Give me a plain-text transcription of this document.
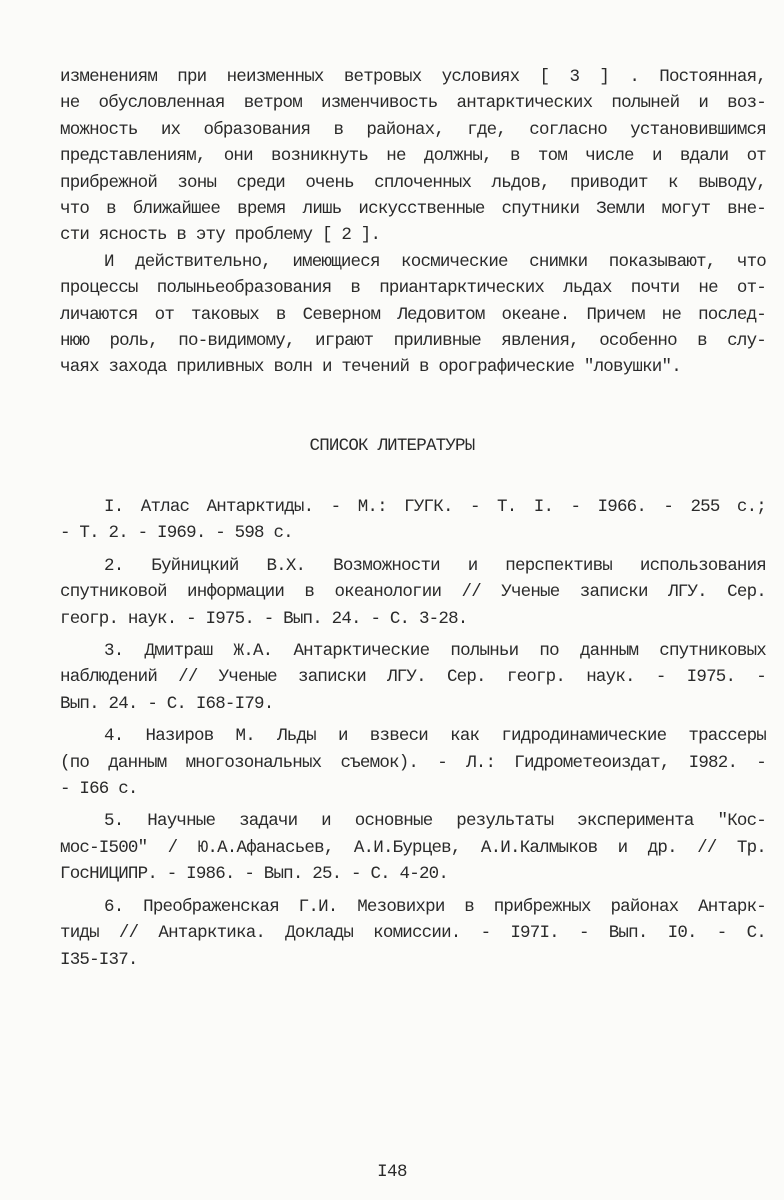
изменениям при неизменных ветровых условиях [ 3 ] . Постоянная,
не обусловленная ветром изменчивость антарктических полыней и воз-
можность их образования в районах, где, согласно установившимся
представлениям, они возникнуть не должны, в том числе и вдали от
прибрежной зоны среди очень сплоченных льдов, приводит к выводу,
что в ближайшее время лишь искусственные спутники Земли могут вне-
сти ясность в эту проблему [ 2 ].
И действительно, имеющиеся космические снимки показывают, что
процессы полыньеобразования в приантарктических льдах почти не от-
личаются от таковых в Северном Ледовитом океане. Причем не послед-
нюю роль, по-видимому, играют приливные явления, особенно в слу-
чаях захода приливных волн и течений в орографические "ловушки".
СПИСОК ЛИТЕРАТУРЫ
I. Атлас Антарктиды. - М.: ГУГК. - Т. I. - I966. - 255 с.;
- Т. 2. - I969. - 598 с.
2. Буйницкий В.Х. Возможности и перспективы использования
спутниковой информации в океанологии // Ученые записки ЛГУ. Сер.
геогр. наук. - I975. - Вып. 24. - С. 3-28.
3. Дмитраш Ж.А. Антарктические полыньи по данным спутниковых
наблюдений // Ученые записки ЛГУ. Сер. геогр. наук. - I975. -
Вып. 24. - С. I68-I79.
4. Назиров М. Льды и взвеси как гидродинамические трассеры
(по данным многозональных съемок). - Л.: Гидрометеоиздат, I982. -
- I66 с.
5. Научные задачи и основные результаты эксперимента "Кос-
мос-I500" / Ю.А.Афанасьев, А.И.Бурцев, А.И.Калмыков и др. // Тр.
ГосНИЦИПР. - I986. - Вып. 25. - С. 4-20.
6. Преображенская Г.И. Мезовихри в прибрежных районах Антарк-
тиды // Антарктика. Доклады комиссии. - I97I. - Вып. I0. - С.
I35-I37.
I48
